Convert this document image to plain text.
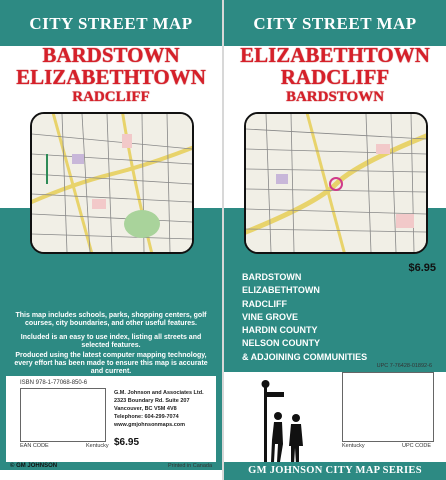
CITY STREET MAP
BARDSTOWN
ELIZABETHTOWN
RADCLIFF
This map includes schools, parks, shopping centers, golf courses, city boundaries, and other useful features.
Included is an easy to use index, listing all streets and selected features.
Produced using the latest computer mapping technology, every effort has been made to ensure this map is accurate and current.
ISBN 978-1-77068-850-6
EAN CODE	Kentucky
G.M. Johnson and Associates Ltd.
2323 Boundary Rd. Suite 207
Vancouver, BC V5M 4V8
Telephone: 604-299-7074
www.gmjohnsonmaps.com
$6.95
Printed in Canada
© GM JOHNSON
CITY STREET MAP
ELIZABETHTOWN
RADCLIFF
BARDSTOWN
$6.95
BARDSTOWN
ELIZABETHTOWN
RADCLIFF
VINE GROVE
HARDIN COUNTY
NELSON COUNTY
& ADJOINING COMMUNITIES
UPC 7-76428-01892-6
Kentucky	UPC CODE
GM JOHNSON CITY MAP SERIES
